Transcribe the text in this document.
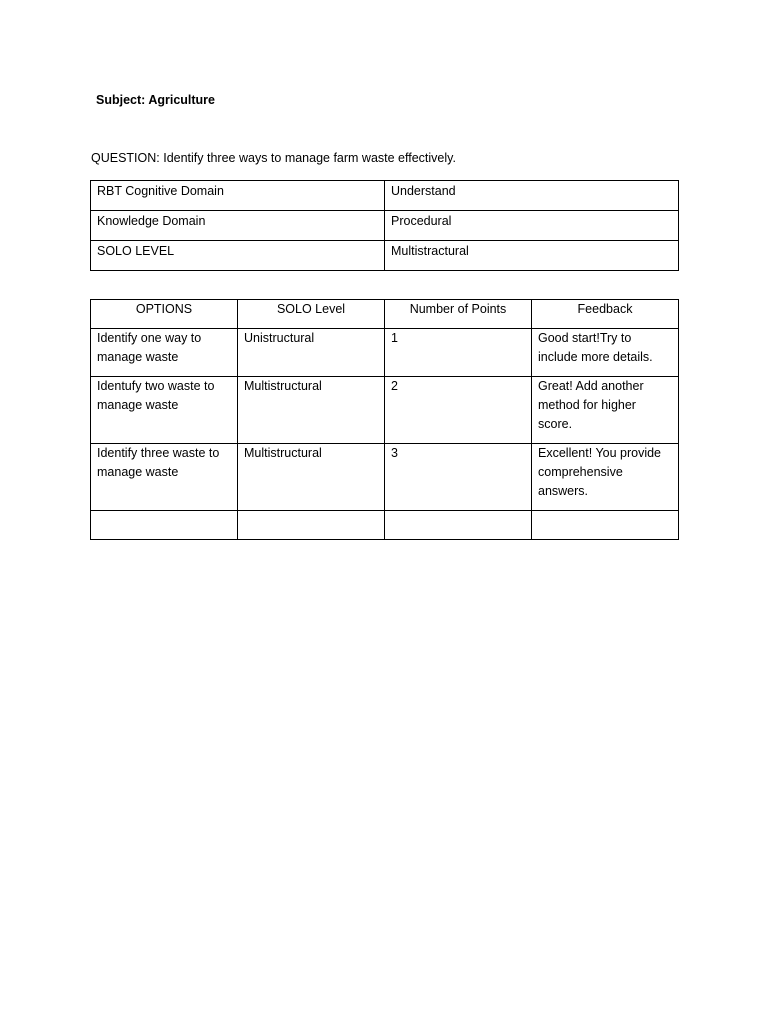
Subject: Agriculture
QUESTION: Identify three ways to manage farm waste effectively.
RBT Cognitive Domain	Understand
Knowledge Domain	Procedural
SOLO LEVEL	Multistractural
OPTIONS	SOLO Level	Number of Points	Feedback
Identify one way to manage waste	Unistructural	1	Good start!Try to include more details.
Identufy two waste to manage waste	Multistructural	2	Great! Add another method for higher score.
Identify three waste to manage waste	Multistructural	3	Excellent! You provide comprehensive answers.
